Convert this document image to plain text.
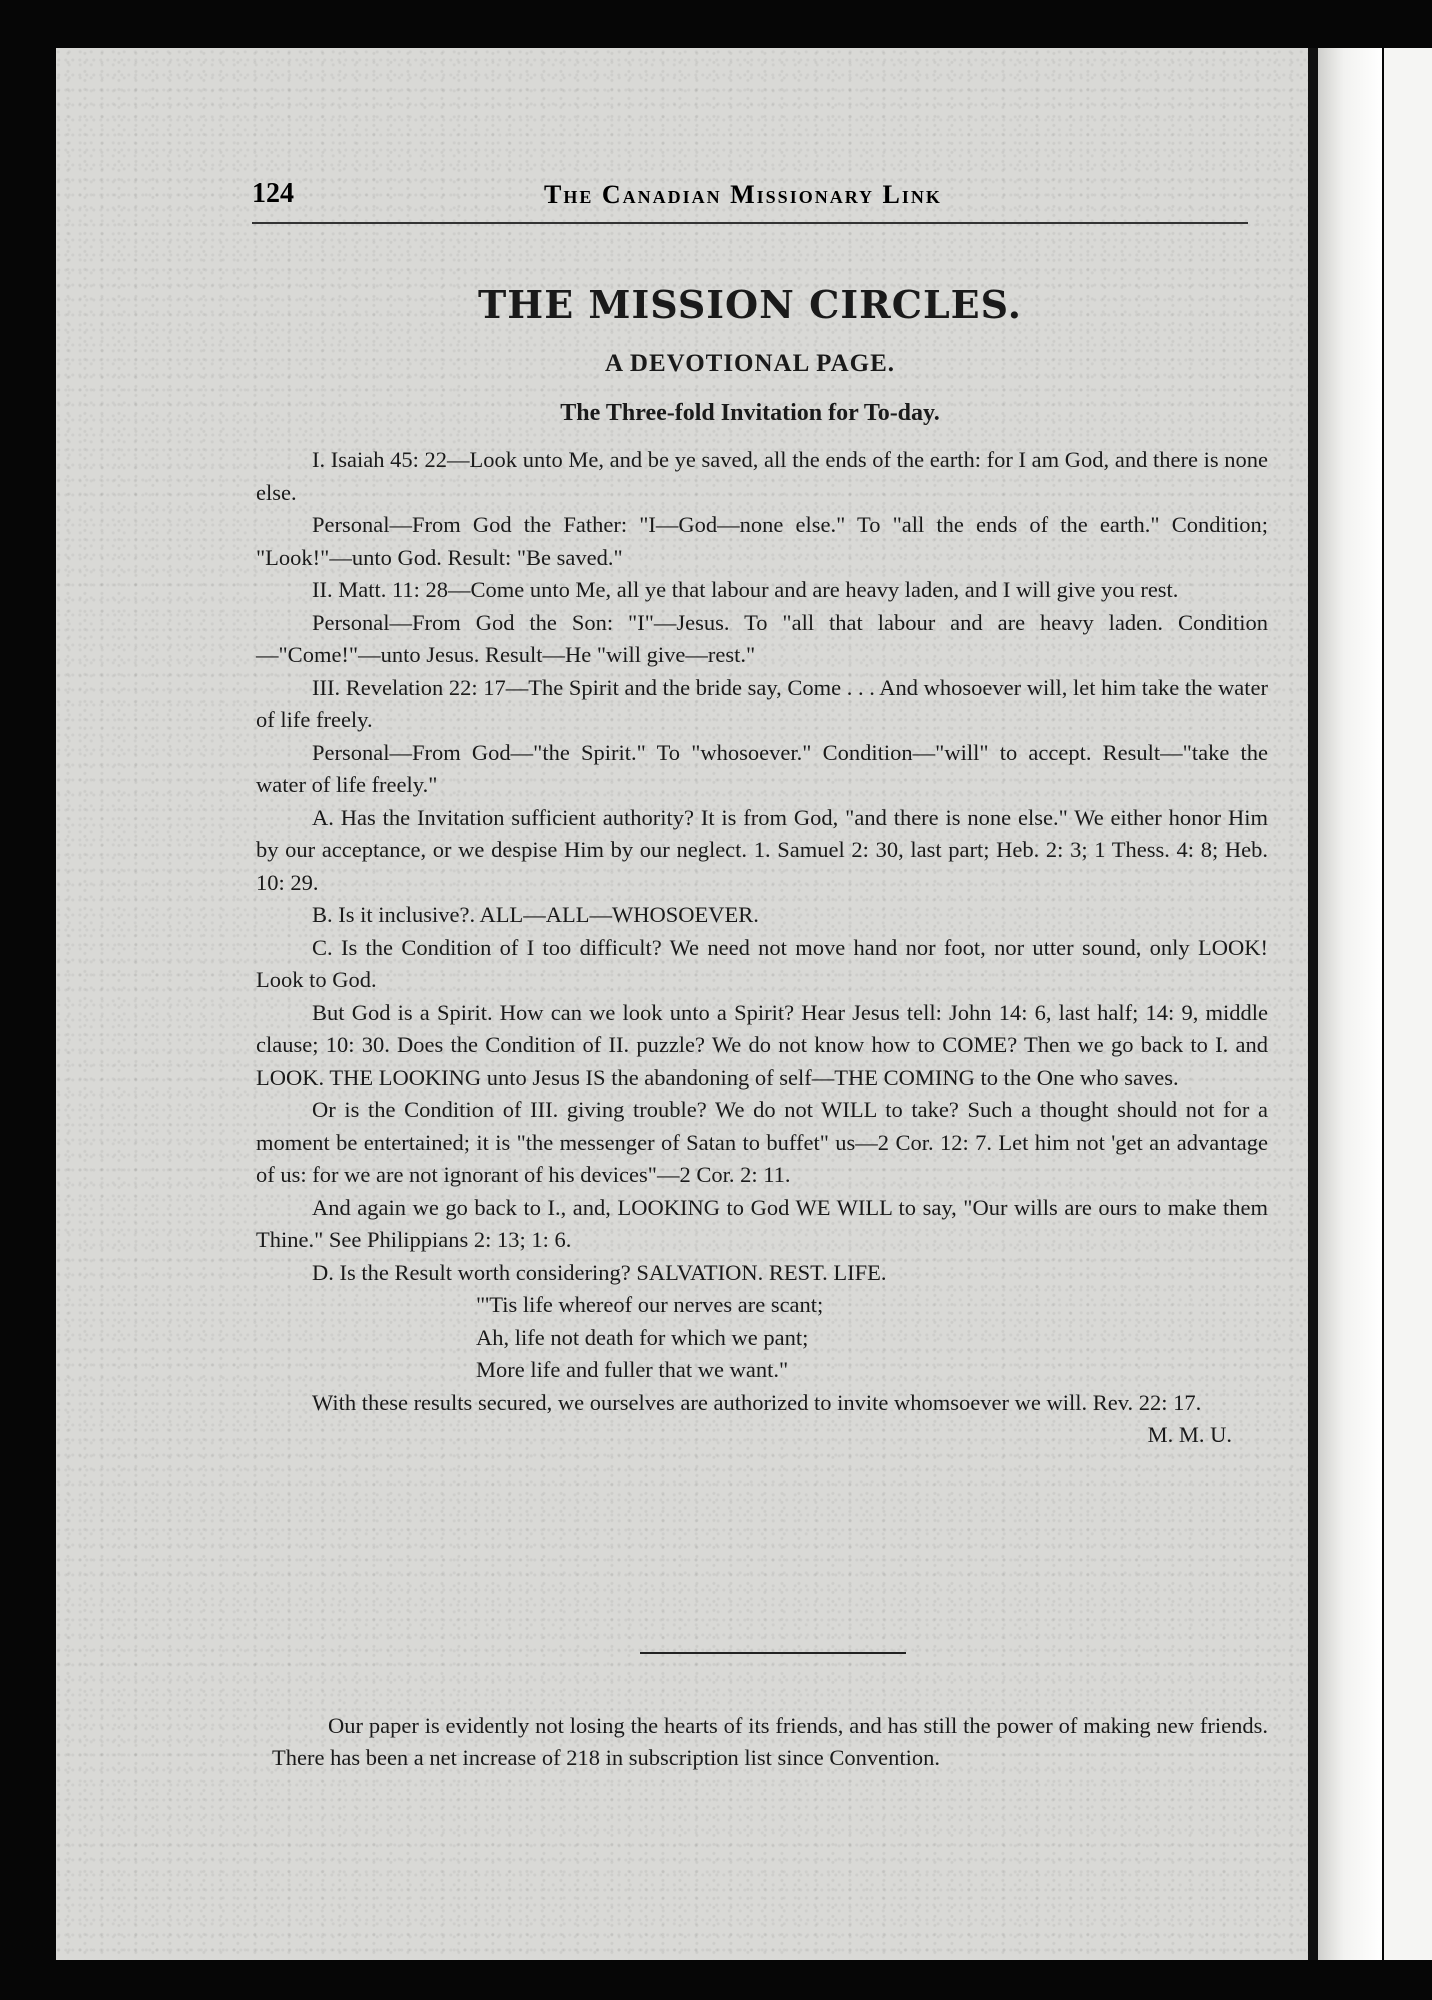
124	The Canadian Missionary Link
THE MISSION CIRCLES.
A DEVOTIONAL PAGE.
The Three-fold Invitation for To-day.

I. Isaiah 45: 22—Look unto Me, and be ye saved, all the ends of the earth: for I am God, and there is none else.

Personal—From God the Father: "I—God—none else." To "all the ends of the earth." Condition; "Look!"—unto God. Result: "Be saved."

II. Matt. 11: 28—Come unto Me, all ye that labour and are heavy laden, and I will give you rest.

Personal—From God the Son: "I"—Jesus. To "all that labour and are heavy laden. Condition—"Come!"—unto Jesus. Result—He "will give—rest."

III. Revelation 22: 17—The Spirit and the bride say, Come . . . And whosoever will, let him take the water of life freely.

Personal—From God—"the Spirit." To "whosoever." Condition—"will" to accept. Result—"take the water of life freely."

A. Has the Invitation sufficient authority? It is from God, "and there is none else." We either honor Him by our acceptance, or we despise Him by our neglect. 1. Samuel 2: 30, last part; Heb. 2: 3; 1 Thess. 4: 8; Heb. 10: 29.

B. Is it inclusive?. ALL—ALL—WHOSOEVER.

C. Is the Condition of I too difficult? We need not move hand nor foot, nor utter sound, only LOOK! Look to God.

But God is a Spirit. How can we look unto a Spirit? Hear Jesus tell: John 14: 6, last half; 14: 9, middle clause; 10: 30. Does the Condition of II. puzzle? We do not know how to COME? Then we go back to I. and LOOK. THE LOOKING unto Jesus IS the abandoning of self—THE COMING to the One who saves.

Or is the Condition of III. giving trouble? We do not WILL to take? Such a thought should not for a moment be entertained; it is "the messenger of Satan to buffet" us—2 Cor. 12: 7. Let him not 'get an advantage of us: for we are not ignorant of his devices"—2 Cor. 2: 11.

And again we go back to I., and, LOOKING to God WE WILL to say, "Our wills are ours to make them Thine." See Philippians 2: 13; 1: 6.

D. Is the Result worth considering? SALVATION. REST. LIFE.

"'Tis life whereof our nerves are scant;

Ah, life not death for which we pant;

More life and fuller that we want."

With these results secured, we ourselves are authorized to invite whomsoever we will. Rev. 22: 17.

M. M. U.

Our paper is evidently not losing the hearts of its friends, and has still the power of making new friends. There has been a net increase of 218 in subscription list since Convention.
